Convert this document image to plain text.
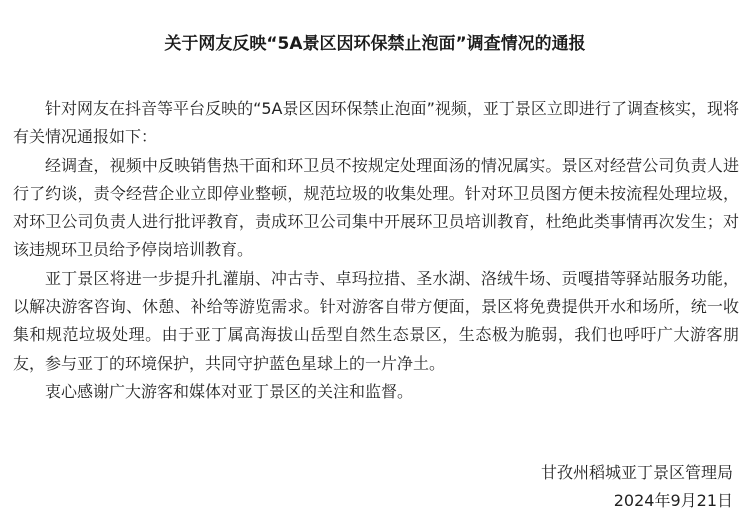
关于网友反映“5A景区因环保禁止泡面”调查情况的通报

针对网友在抖音等平台反映的“5A景区因环保禁止泡面”视频，亚丁景区立即进行了调查核实，现将有关情况通报如下：

经调查，视频中反映销售热干面和环卫员不按规定处理面汤的情况属实。景区对经营公司负责人进行了约谈，责令经营企业立即停业整顿，规范垃圾的收集处理。针对环卫员图方便未按流程处理垃圾，对环卫公司负责人进行批评教育，责成环卫公司集中开展环卫员培训教育，杜绝此类事情再次发生；对该违规环卫员给予停岗培训教育。

亚丁景区将进一步提升扎灌崩、冲古寺、卓玛拉措、圣水湖、洛绒牛场、贡嘎措等驿站服务功能，以解决游客咨询、休憩、补给等游览需求。针对游客自带方便面，景区将免费提供开水和场所，统一收集和规范垃圾处理。由于亚丁属高海拔山岳型自然生态景区，生态极为脆弱，我们也呼吁广大游客朋友，参与亚丁的环境保护，共同守护蓝色星球上的一片净土。

衷心感谢广大游客和媒体对亚丁景区的关注和监督。

甘孜州稻城亚丁景区管理局
2024年9月21日
